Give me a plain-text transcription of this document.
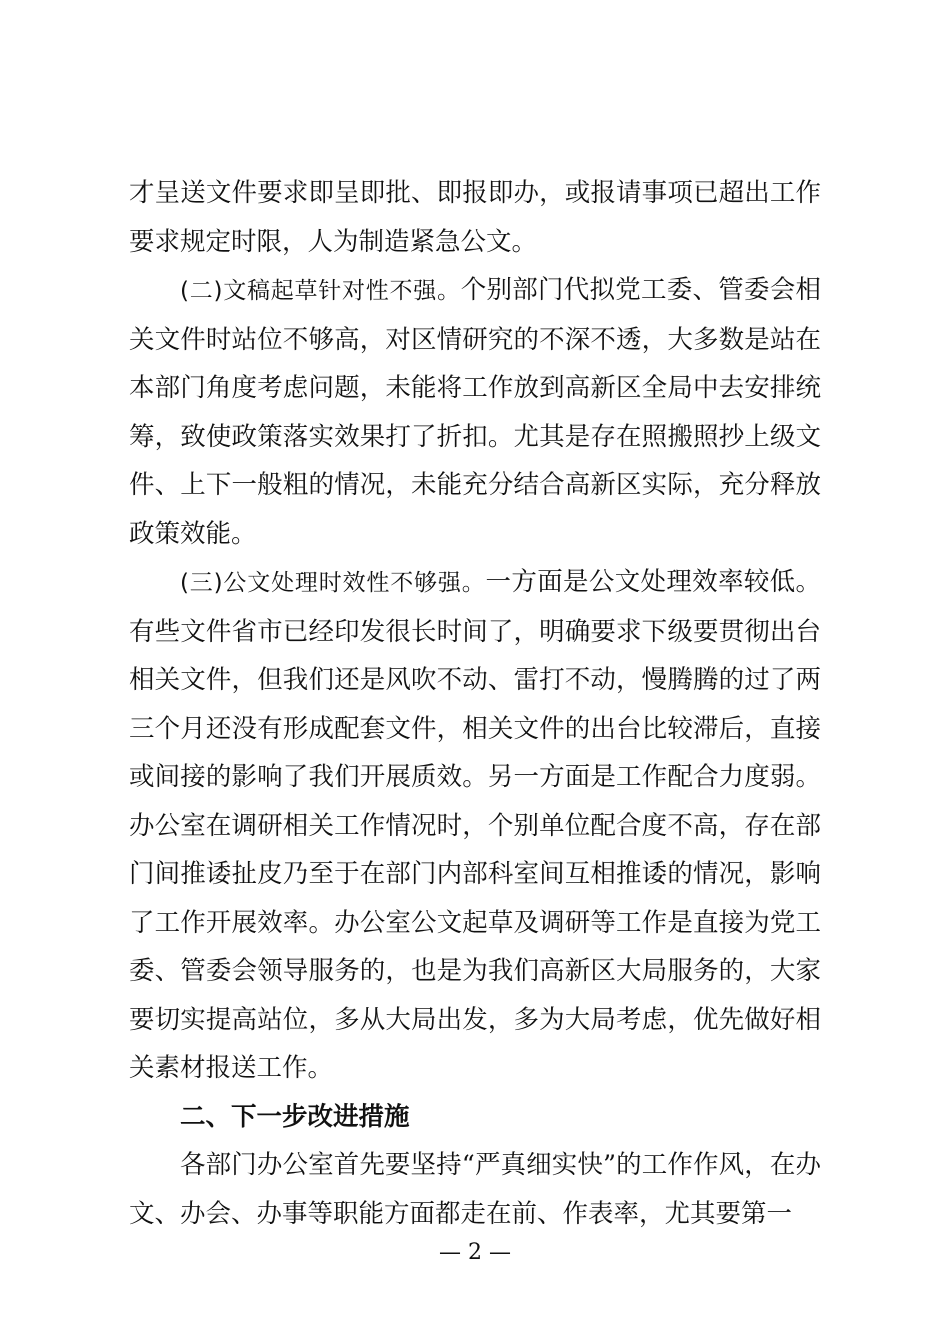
才呈送文件要求即呈即批、即报即办，或报请事项已超出工作要求规定时限，人为制造紧急公文。

(二)文稿起草针对性不强。个别部门代拟党工委、管委会相关文件时站位不够高，对区情研究的不深不透，大多数是站在本部门角度考虑问题，未能将工作放到高新区全局中去安排统筹，致使政策落实效果打了折扣。尤其是存在照搬照抄上级文件、上下一般粗的情况，未能充分结合高新区实际，充分释放政策效能。

(三)公文处理时效性不够强。一方面是公文处理效率较低。有些文件省市已经印发很长时间了，明确要求下级要贯彻出台相关文件，但我们还是风吹不动、雷打不动，慢腾腾的过了两三个月还没有形成配套文件，相关文件的出台比较滞后，直接或间接的影响了我们开展质效。另一方面是工作配合力度弱。办公室在调研相关工作情况时，个别单位配合度不高，存在部门间推诿扯皮乃至于在部门内部科室间互相推诿的情况，影响了工作开展效率。办公室公文起草及调研等工作是直接为党工委、管委会领导服务的，也是为我们高新区大局服务的，大家要切实提高站位，多从大局出发，多为大局考虑，优先做好相关素材报送工作。

二、下一步改进措施

各部门办公室首先要坚持“严真细实快”的工作作风，在办文、办会、办事等职能方面都走在前、作表率，尤其要第一

— 2 —
